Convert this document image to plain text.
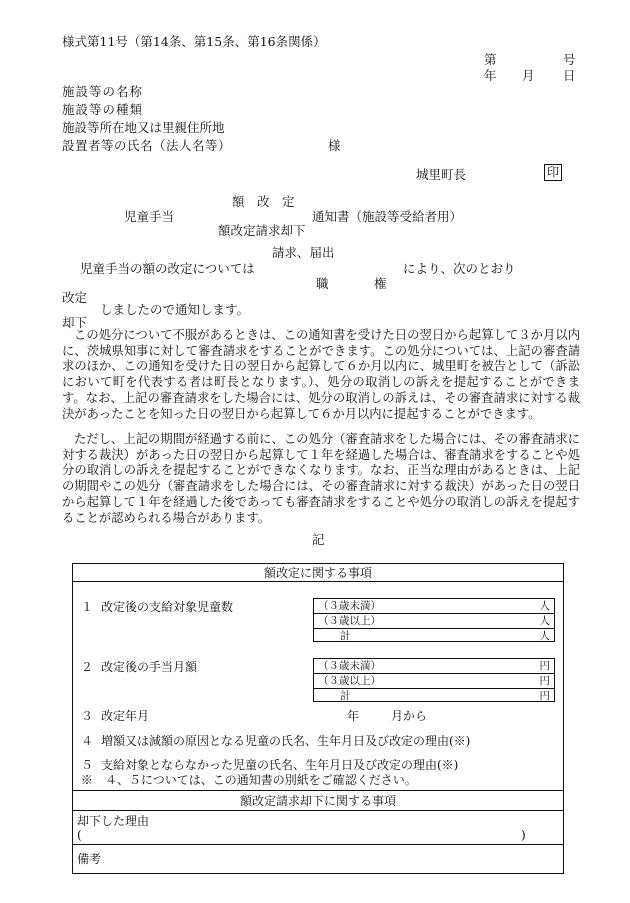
様式第11号（第14条、第15条、第16条関係）
第	号
年 月 日
施設等の名称
施設等の種類
施設等所在地又は里親住所地
設置者等の氏名（法人名等）	様
城里町長	印
額　改　定
児童手当	通知書（施設等受給者用）
額改定請求却下
請求、届出
児童手当の額の改定については	により、次のとおり
職	権
改定
しましたので通知します。
却下
この処分について不服があるときは、この通知書を受けた日の翌日から起算して３か月以内に、茨城県知事に対して審査請求をすることができます。この処分については、上記の審査請求のほか、この通知を受けた日の翌日から起算して６か月以内に、城里町を被告として（訴訟において町を代表する者は町長となります。）、処分の取消しの訴えを提起することができます。なお、上記の審査請求をした場合には、処分の取消しの訴えは、その審査請求に対する裁決があったことを知った日の翌日から起算して６か月以内に提起することができます。
ただし、上記の期間が経過する前に、この処分（審査請求をした場合には、その審査請求に対する裁決）があった日の翌日から起算して１年を経過した場合は、審査請求をすることや処分の取消しの訴えを提起することができなくなります。なお、正当な理由があるときは、上記の期間やこの処分（審査請求をした場合には、その審査請求に対する裁決）があった日の翌日から起算して１年を経過した後であっても審査請求をすることや処分の取消しの訴えを提起することが認められる場合があります。
記
額改定に関する事項
１ 改定後の支給対象児童数	（３歳未満）	人
（３歳以上）	人
計	人
２ 改定後の手当月額	（３歳未満）	円
（３歳以上）	円
計	円
３ 改定年月	年	月から
４ 増額又は減額の原因となる児童の氏名、生年月日及び改定の理由(※)
５ 支給対象とならなかった児童の氏名、生年月日及び改定の理由(※)
※　４、５については、この通知書の別紙をご確認ください。
額改定請求却下に関する事項
却下した理由
(	)
備考
